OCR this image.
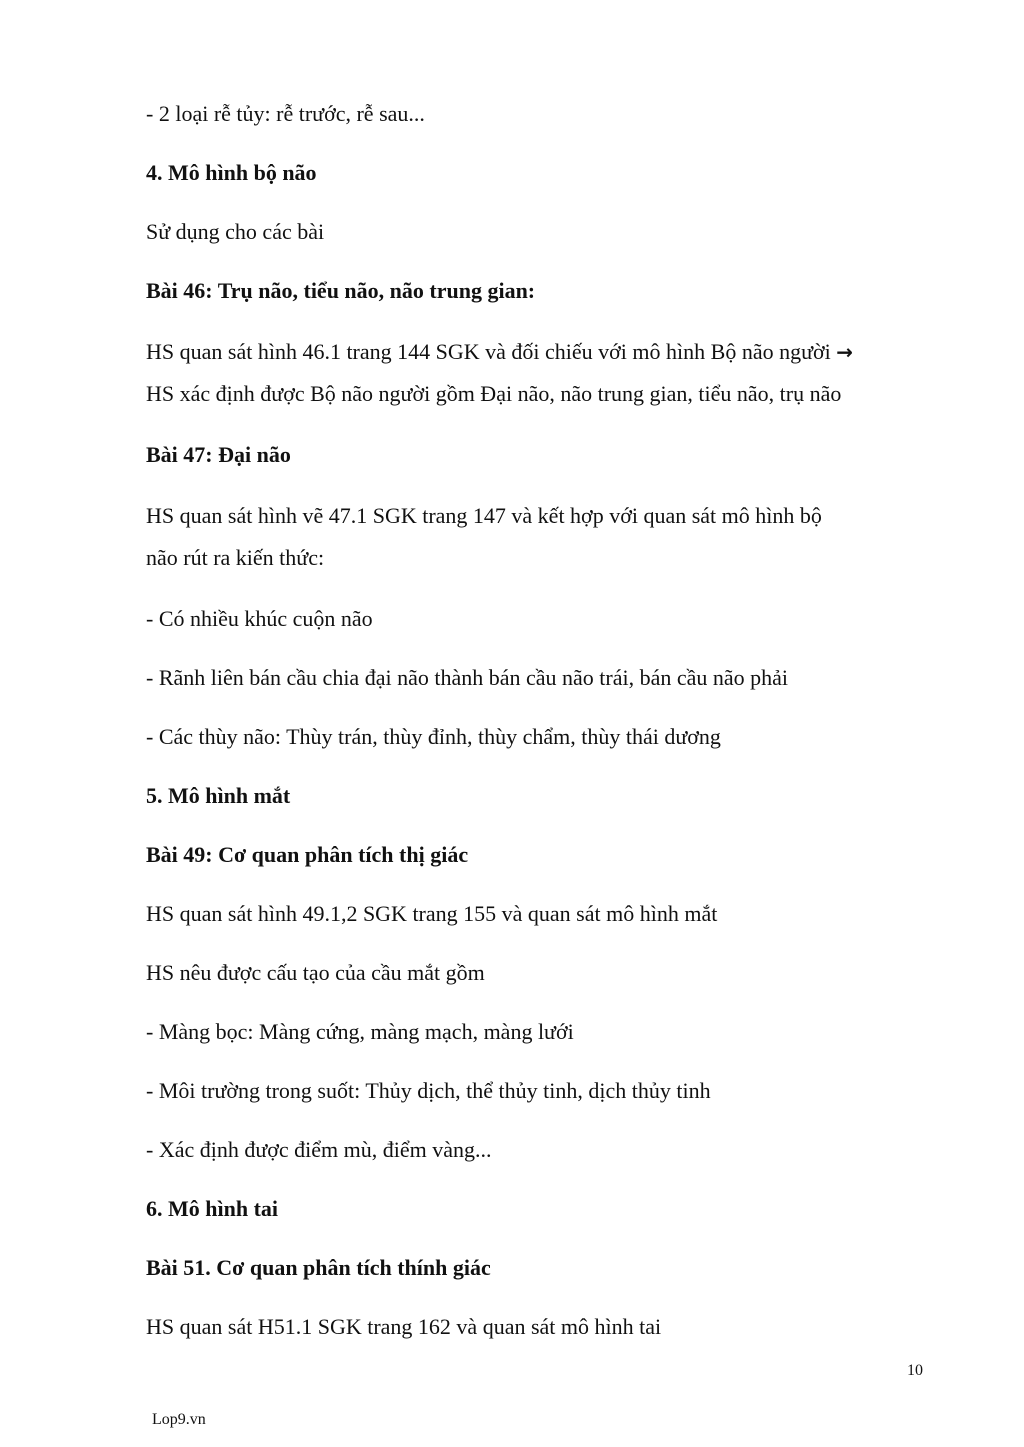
- 2 loại rễ tủy: rễ trước, rễ sau...

4. Mô hình bộ não

Sử dụng cho các bài

Bài 46: Trụ não, tiểu não, não trung gian:

HS quan sát hình 46.1 trang 144 SGK và đối chiếu với mô hình Bộ não người →

HS xác định được Bộ não người gồm Đại não, não trung gian, tiểu não, trụ não

Bài 47: Đại não

HS quan sát hình vẽ 47.1 SGK trang 147 và kết hợp với quan sát mô hình bộ

não rút ra kiến thức:

- Có nhiều khúc cuộn não

- Rãnh liên bán cầu chia đại não thành bán cầu não trái, bán cầu não phải

- Các thùy não: Thùy trán, thùy đỉnh, thùy chẩm, thùy thái dương

5. Mô hình mắt

Bài 49: Cơ quan phân tích thị giác

HS quan sát hình 49.1,2 SGK trang 155 và quan sát mô hình mắt

HS nêu được cấu tạo của cầu mắt gồm

- Màng bọc: Màng cứng, màng mạch, màng lưới

- Môi trường trong suốt: Thủy dịch, thể thủy tinh, dịch thủy tinh

- Xác định được điểm mù, điểm vàng...

6. Mô hình tai

Bài 51. Cơ quan phân tích thính giác

HS quan sát H51.1 SGK trang 162 và quan sát mô hình tai

10
Lop9.vn
